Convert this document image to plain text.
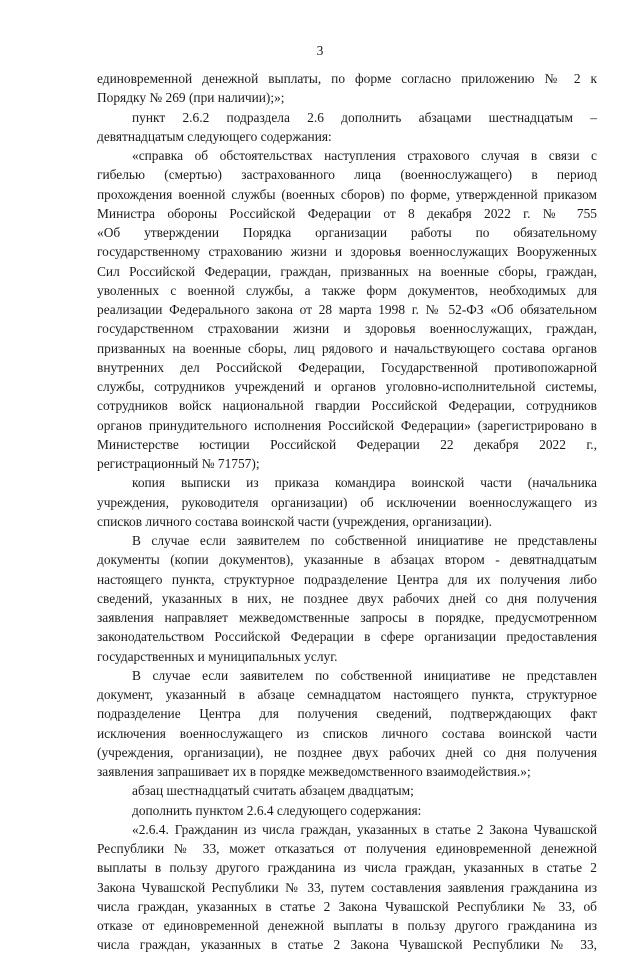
3
единовременной денежной выплаты, по форме согласно приложению № 2 к
Порядку № 269 (при наличии);»;
пункт 2.6.2 подраздела 2.6 дополнить абзацами шестнадцатым –
девятнадцатым следующего содержания:
«справка об обстоятельствах наступления страхового случая в связи с
гибелью (смертью) застрахованного лица (военнослужащего) в период
прохождения военной службы (военных сборов) по форме, утвержденной приказом
Министра обороны Российской Федерации от 8 декабря 2022 г. № 755
«Об утверждении Порядка организации работы по обязательному
государственному страхованию жизни и здоровья военнослужащих Вооруженных
Сил Российской Федерации, граждан, призванных на военные сборы, граждан,
уволенных с военной службы, а также форм документов, необходимых для
реализации Федерального закона от 28 марта 1998 г. № 52-ФЗ «Об обязательном
государственном страховании жизни и здоровья военнослужащих, граждан,
призванных на военные сборы, лиц рядового и начальствующего состава органов
внутренних дел Российской Федерации, Государственной противопожарной
службы, сотрудников учреждений и органов уголовно-исполнительной системы,
сотрудников войск национальной гвардии Российской Федерации, сотрудников
органов принудительного исполнения Российской Федерации» (зарегистрировано в
Министерстве юстиции Российской Федерации 22 декабря 2022 г.,
регистрационный № 71757);
копия выписки из приказа командира воинской части (начальника
учреждения, руководителя организации) об исключении военнослужащего из
списков личного состава воинской части (учреждения, организации).
В случае если заявителем по собственной инициативе не представлены
документы (копии документов), указанные в абзацах втором - девятнадцатым
настоящего пункта, структурное подразделение Центра для их получения либо
сведений, указанных в них, не позднее двух рабочих дней со дня получения
заявления направляет межведомственные запросы в порядке, предусмотренном
законодательством Российской Федерации в сфере организации предоставления
государственных и муниципальных услуг.
В случае если заявителем по собственной инициативе не представлен
документ, указанный в абзаце семнадцатом настоящего пункта, структурное
подразделение Центра для получения сведений, подтверждающих факт
исключения военнослужащего из списков личного состава воинской части
(учреждения, организации), не позднее двух рабочих дней со дня получения
заявления запрашивает их в порядке межведомственного взаимодействия.»;
абзац шестнадцатый считать абзацем двадцатым;
дополнить пунктом 2.6.4 следующего содержания:
«2.6.4. Гражданин из числа граждан, указанных в статье 2 Закона Чувашской
Республики № 33, может отказаться от получения единовременной денежной
выплаты в пользу другого гражданина из числа граждан, указанных в статье 2
Закона Чувашской Республики № 33, путем составления заявления гражданина из
числа граждан, указанных в статье 2 Закона Чувашской Республики № 33, об
отказе от единовременной денежной выплаты в пользу другого гражданина из
числа граждан, указанных в статье 2 Закона Чувашской Республики № 33,
